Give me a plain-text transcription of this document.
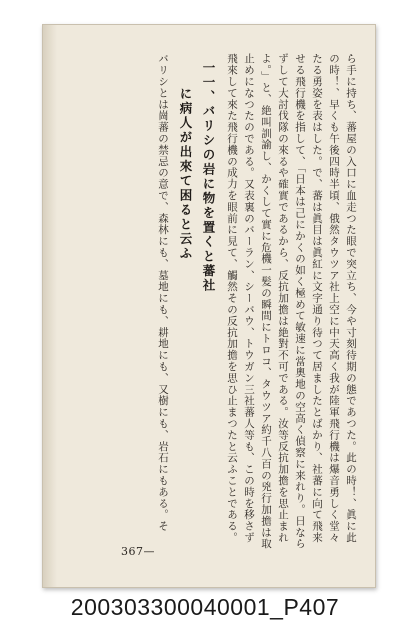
ら手に持ち、蕃屋の入口に血走つた眼で突立ち、今や寸刻待期の態であつた。此の時！、眞に此の時！、早くも午後四時半頃、俄然タウツア社上空に中天高く我が陸軍飛行機は爆音勇しく堂々たる勇姿を表はした。で、蕃は眞目は眞紅に文字通り待つて居ましたとばかり、社蕃に向て飛来せる飛行機を指して、「日本は己にかくの如く極めて敏速に當奧地の空高く偵察に来れり。日ならずして大討伐隊の來るや確實であるから、反抗加擔は絶對不可である。汝等反抗加擔を思止まれよ。」と、絶叫訓諭し、かくして實に危機一髪の瞬間にトロコ、タウツア約千八百の兇行加擔は取止めになつたのである。又表裏のバーラン、シーバウ、トウガン三社蕃人等も、この時を移さず飛來して來た飛行機の成力を眼前に見て、觸然その反抗加擔を思ひ止まつたと云ふことである。

一一、バリシの岩に物を置くと蕃社

に病人が出來て困ると云ふ

バリシとは崗蕃の禁忌の意で、森林にも、墓地にも、耕地にも、又樹にも、岩石にもある。そ

367—
200303300040001_P407
